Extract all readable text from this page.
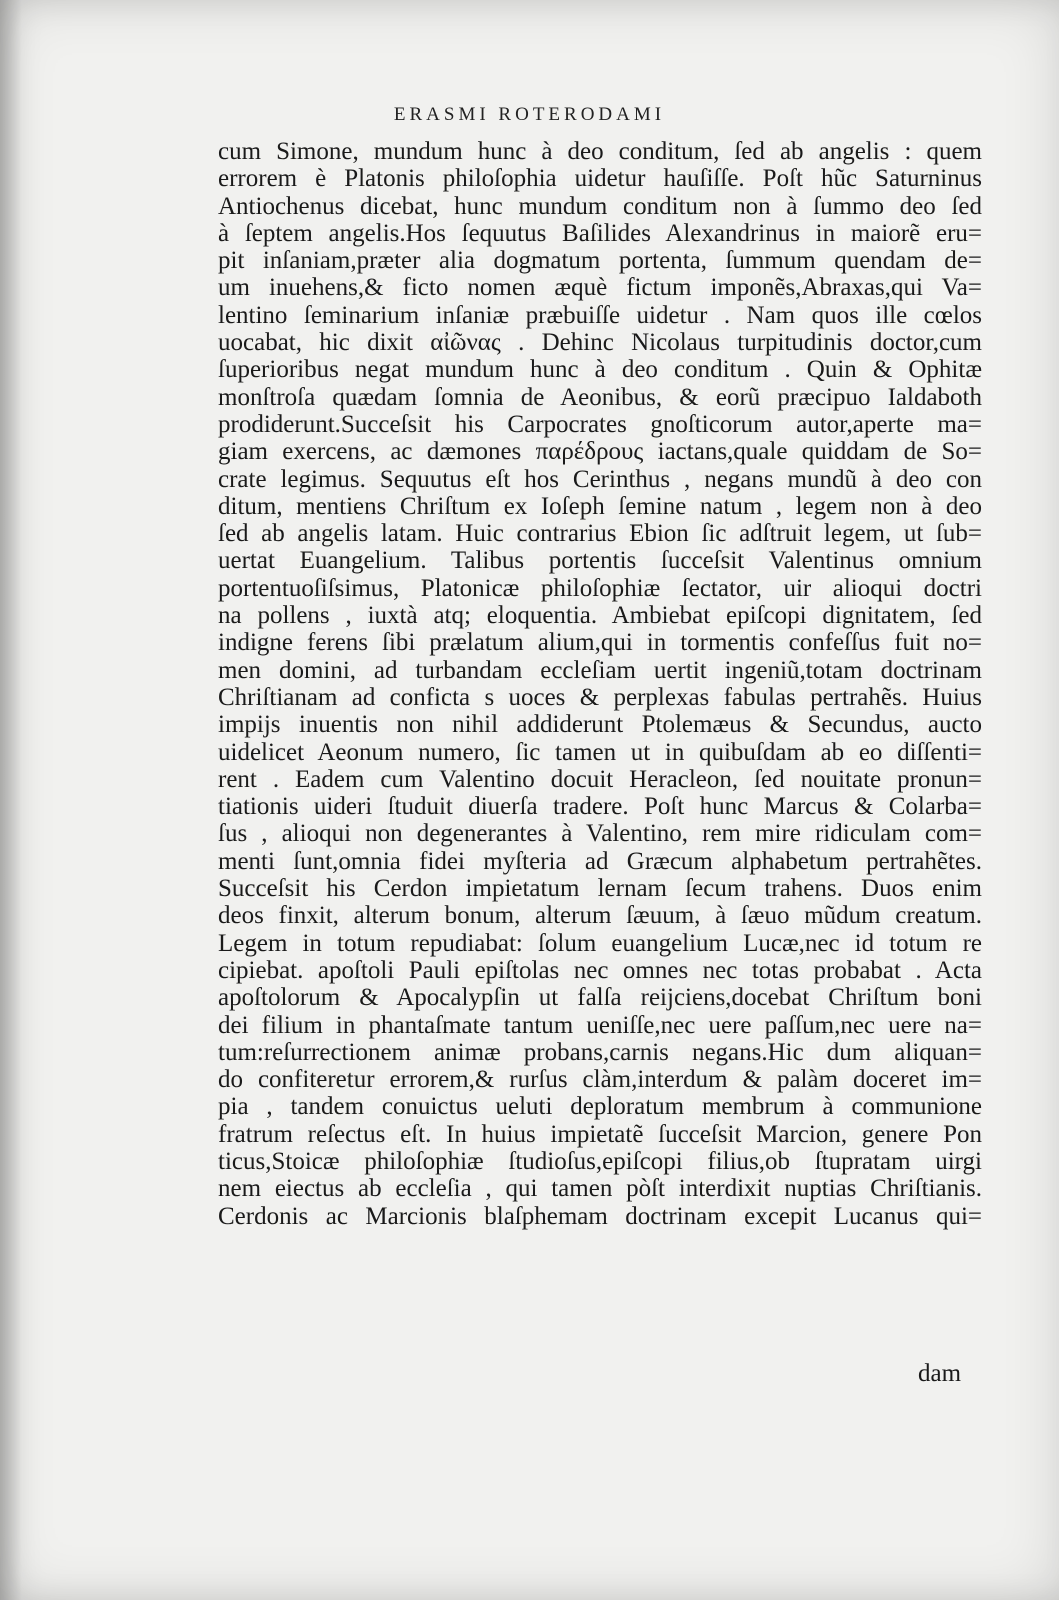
ERASMI ROTERODAMI
cum Simone, mundum hunc à deo conditum, ſed ab angelis : quem
errorem è Platonis philoſophia uidetur hauſiſſe. Poſt hũc Saturninus
Antiochenus dicebat, hunc mundum conditum non à ſummo deo ſed
à ſeptem angelis.Hos ſequutus Baſilides Alexandrinus in maiorẽ eru=
pit inſaniam,præter alia dogmatum portenta, ſummum quendam de=
um inuehens,& ficto nomen æquè fictum imponẽs,Abraxas,qui Va=
lentino ſeminarium inſaniæ præbuiſſe uidetur . Nam quos ille cœlos
uocabat, hic dixit αἰῶνας . Dehinc Nicolaus turpitudinis doctor,cum
ſuperioribus negat mundum hunc à deo conditum . Quin & Ophitæ
monſtroſa quædam ſomnia de Aeonibus, & eorũ præcipuo Ialdaboth
prodiderunt.Succeſsit his Carpocrates gnoſticorum autor,aperte ma=
giam exercens, ac dæmones παρέδρους iactans,quale quiddam de So=
crate legimus. Sequutus eſt hos Cerinthus , negans mundũ à deo con
ditum, mentiens Chriſtum ex Ioſeph ſemine natum , legem non à deo
ſed ab angelis latam. Huic contrarius Ebion ſic adſtruit legem, ut ſub=
uertat Euangelium. Talibus portentis ſucceſsit Valentinus omnium
portentuoſiſsimus, Platonicæ philoſophiæ ſectator, uir alioqui doctri
na pollens , iuxtà atq; eloquentia. Ambiebat epiſcopi dignitatem, ſed
indigne ferens ſibi prælatum alium,qui in tormentis confeſſus fuit no=
men domini, ad turbandam eccleſiam uertit ingeniũ,totam doctrinam
Chriſtianam ad conficta s uoces & perplexas fabulas pertrahẽs. Huius
impijs inuentis non nihil addiderunt Ptolemæus & Secundus, aucto
uidelicet Aeonum numero, ſic tamen ut in quibuſdam ab eo diſſenti=
rent . Eadem cum Valentino docuit Heracleon, ſed nouitate pronun=
tiationis uideri ſtuduit diuerſa tradere. Poſt hunc Marcus & Colarba=
ſus , alioqui non degenerantes à Valentino, rem mire ridiculam com=
menti ſunt,omnia fidei myſteria ad Græcum alphabetum pertrahẽtes.
Succeſsit his Cerdon impietatum lernam ſecum trahens. Duos enim
deos finxit, alterum bonum, alterum ſæuum, à ſæuo mũdum creatum.
Legem in totum repudiabat: ſolum euangelium Lucæ,nec id totum re
cipiebat. apoſtoli Pauli epiſtolas nec omnes nec totas probabat . Acta
apoſtolorum & Apocalypſin ut falſa reijciens,docebat Chriſtum boni
dei filium in phantaſmate tantum ueniſſe,nec uere paſſum,nec uere na=
tum:reſurrectionem animæ probans,carnis negans.Hic dum aliquan=
do confiteretur errorem,& rurſus clàm,interdum & palàm doceret im=
pia , tandem conuictus ueluti deploratum membrum à communione
fratrum reſectus eſt. In huius impietatẽ ſucceſsit Marcion, genere Pon
ticus,Stoicæ philoſophiæ ſtudioſus,epiſcopi filius,ob ſtupratam uirgi
nem eiectus ab eccleſia , qui tamen pòſt interdixit nuptias Chriſtianis.
Cerdonis ac Marcionis blaſphemam doctrinam excepit Lucanus qui=
dam
